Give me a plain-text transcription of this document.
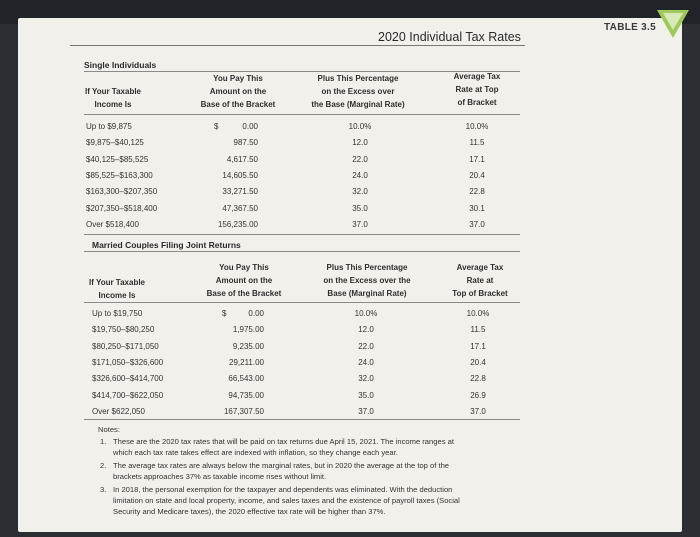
2020 Individual Tax Rates
TABLE 3.5
Single Individuals
If Your Taxable
Income Is
You Pay This
Amount on the
Base of the Bracket
Plus This Percentage
on the Excess over
the Base (Marginal Rate)
Average Tax
Rate at Top
of Bracket
Up to $9,875	$	0.00	10.0%	10.0%
$9,875–$40,125	987.50	12.0	11.5
$40,125–$85,525	4,617.50	22.0	17.1
$85,525–$163,300	14,605.50	24.0	20.4
$163,300–$207,350	33,271.50	32.0	22.8
$207,350–$518,400	47,367.50	35.0	30.1
Over $518,400	156,235.00	37.0	37.0
Married Couples Filing Joint Returns
If Your Taxable
Income Is
You Pay This
Amount on the
Base of the Bracket
Plus This Percentage
on the Excess over the
Base (Marginal Rate)
Average Tax
Rate at
Top of Bracket
Up to $19,750	$	0.00	10.0%	10.0%
$19,750–$80,250	1,975.00	12.0	11.5
$80,250–$171,050	9,235.00	22.0	17.1
$171,050–$326,600	29,211.00	24.0	20.4
$326,600–$414,700	66,543.00	32.0	22.8
$414,700–$622,050	94,735.00	35.0	26.9
Over $622,050	167,307.50	37.0	37.0
Notes:
1. These are the 2020 tax rates that will be paid on tax returns due April 15, 2021. The income ranges at
which each tax rate takes effect are indexed with inflation, so they change each year.
2. The average tax rates are always below the marginal rates, but in 2020 the average at the top of the
brackets approaches 37% as taxable income rises without limit.
3. In 2018, the personal exemption for the taxpayer and dependents was eliminated. With the deduction
limitation on state and local property, income, and sales taxes and the existence of payroll taxes (Social
Security and Medicare taxes), the 2020 effective tax rate will be higher than 37%.
